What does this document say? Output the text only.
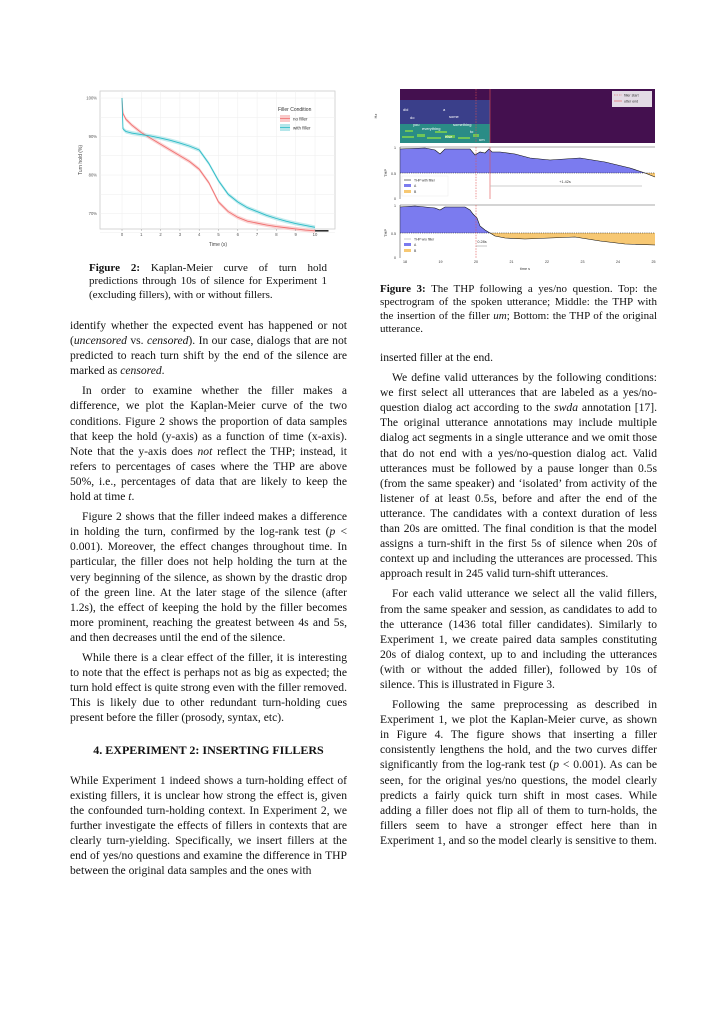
100%
90%
80%
70%
0	1	2	3	4	5	6	7	8	9	10
Turn hold (%)
Time (s)
Filler Condition
no filler
with filler
Figure 2: Kaplan-Meier curve of turn hold predictions through 10s of silence for Experiment 1 (excluding fillers), with or without fillers.
did
do
you
everything
a
some
something
else
to
um
Hz
filler start
utter end
1
0.5
0
THP
+1.42s
THP with filler
A
B
1
0.5
0
THP
0.28s
THP w/o filler
A
B
18	19	20	21	22	23	24	25
time s
Figure 3: The THP following a yes/no question. Top: the spectrogram of the spoken utterance; Middle: the THP with the insertion of the filler um; Bottom: the THP of the original utterance.

identify whether the expected event has happened or not (uncensored vs. censored). In our case, dialogs that are not predicted to reach turn shift by the end of the silence are marked as censored.

In order to examine whether the filler makes a difference, we plot the Kaplan-Meier curve of the two conditions. Figure 2 shows the proportion of data samples that keep the hold (y-axis) as a function of time (x-axis). Note that the y-axis does not reflect the THP; instead, it refers to percentages of cases where the THP are above 50%, i.e., percentages of data that are likely to keep the hold at time t.

Figure 2 shows that the filler indeed makes a difference in holding the turn, confirmed by the log-rank test (p < 0.001). Moreover, the effect changes throughout time. In particular, the filler does not help holding the turn at the very beginning of the silence, as shown by the drastic drop of the green line. At the later stage of the silence (after 1.2s), the effect of keeping the hold by the filler becomes more prominent, reaching the greatest between 4s and 5s, and then decreases until the end of the silence.

While there is a clear effect of the filler, it is interesting to note that the effect is perhaps not as big as expected; the turn hold effect is quite strong even with the filler removed. This is likely due to other redundant turn-holding cues present before the filler (prosody, syntax, etc).

4. EXPERIMENT 2: INSERTING FILLERS

While Experiment 1 indeed shows a turn-holding effect of existing fillers, it is unclear how strong the effect is, given the confounded turn-holding context. In Experiment 2, we further investigate the effects of fillers in contexts that are clearly turn-yielding. Specifically, we insert fillers at the end of yes/no questions and examine the difference in THP between the original data samples and the ones with

inserted filler at the end.

We define valid utterances by the following conditions: we first select all utterances that are labeled as a yes/no-question dialog act according to the swda annotation [17]. The original utterance annotations may include multiple dialog act segments in a single utterance and we omit those that do not end with a yes/no-question dialog act. Valid utterances must be followed by a pause longer than 0.5s (from the same speaker) and ‘isolated’ from activity of the listener of at least 0.5s, before and after the end of the utterance. The candidates with a context duration of less than 20s are omitted. The final condition is that the model assigns a turn-shift in the first 5s of silence when 20s of context up and including the utterances are processed. This approach result in 245 valid turn-shift utterances.

For each valid utterance we select all the valid fillers, from the same speaker and session, as candidates to add to the utterance (1436 total filler candidates). Similarly to Experiment 1, we create paired data samples constituting 20s of dialog context, up to and including the utterances (with or without the added filler), followed by 10s of silence. This is illustrated in Figure 3.

Following the same preprocessing as described in Experiment 1, we plot the Kaplan-Meier curve, as shown in Figure 4. The figure shows that inserting a filler consistently lengthens the hold, and the two curves differ significantly from the log-rank test (p < 0.001). As can be seen, for the original yes/no questions, the model clearly predicts a fairly quick turn shift in most cases. While adding a filler does not flip all of them to turn-holds, the fillers seem to have a stronger effect here than in Experiment 1, and so the model clearly is sensitive to them.
